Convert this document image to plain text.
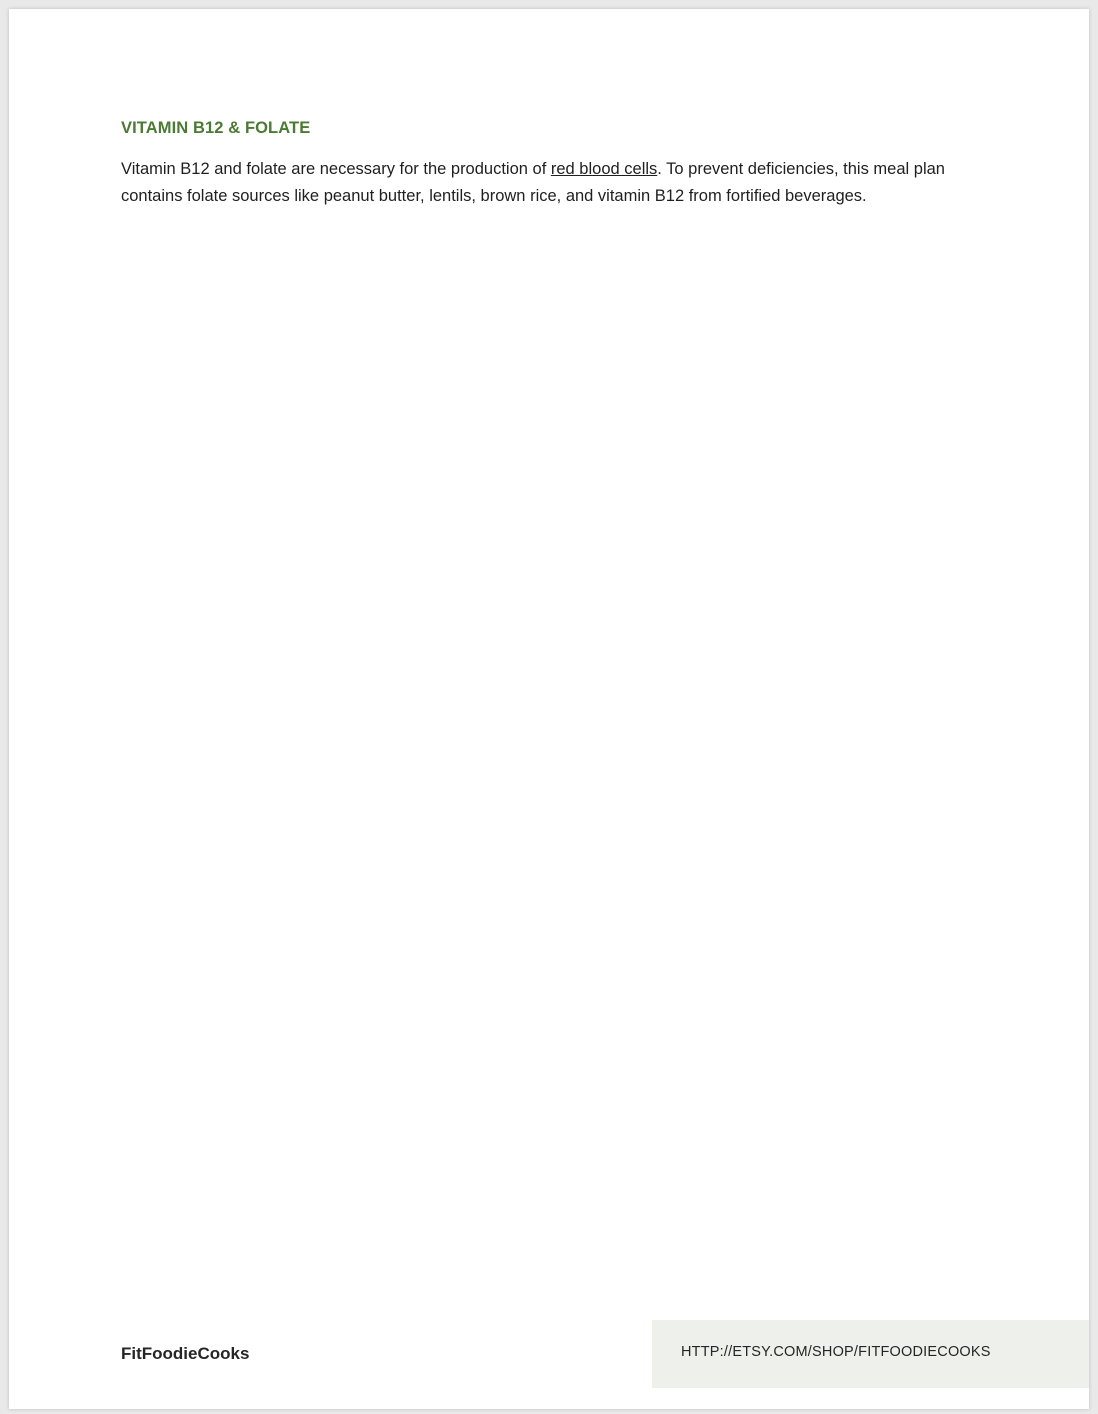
VITAMIN B12 & FOLATE

Vitamin B12 and folate are necessary for the production of red blood cells. To prevent deficiencies, this meal plan contains folate sources like peanut butter, lentils, brown rice, and vitamin B12 from fortified beverages.

FitFoodieCooks	HTTP://ETSY.COM/SHOP/FITFOODIECOOKS
